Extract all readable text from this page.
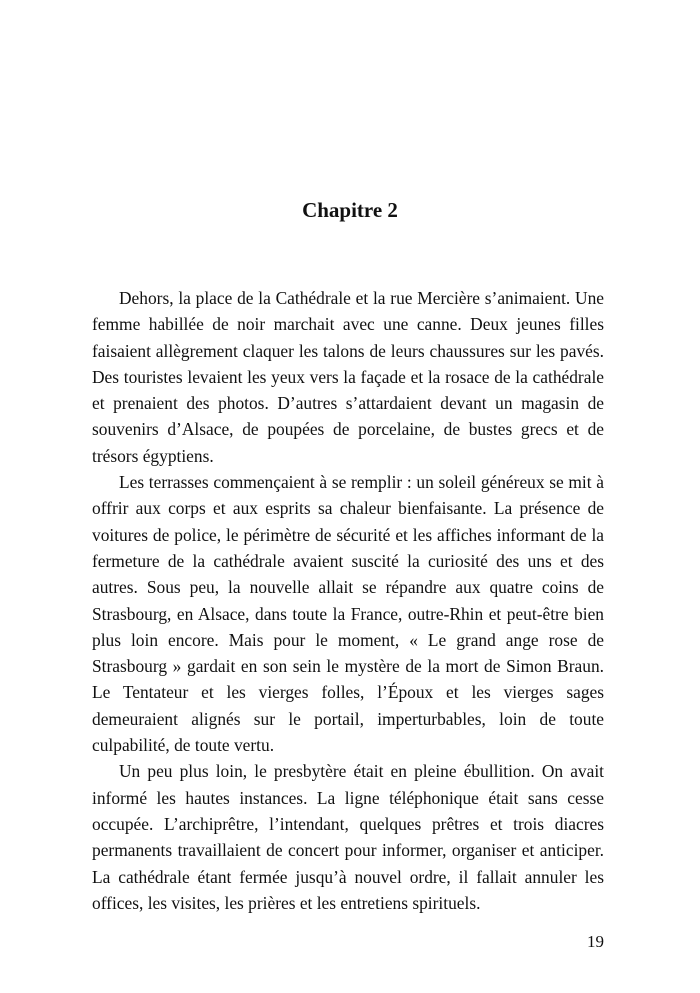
Chapitre 2

Dehors, la place de la Cathédrale et la rue Mercière s’animaient. Une femme habillée de noir marchait avec une canne. Deux jeunes filles faisaient allègrement claquer les talons de leurs chaussures sur les pavés. Des touristes levaient les yeux vers la façade et la rosace de la cathédrale et prenaient des photos. D’autres s’attardaient devant un magasin de souvenirs d’Alsace, de poupées de porcelaine, de bustes grecs et de trésors égyptiens.

Les terrasses commençaient à se remplir : un soleil généreux se mit à offrir aux corps et aux esprits sa chaleur bienfaisante. La présence de voitures de police, le périmètre de sécurité et les affiches informant de la fermeture de la cathédrale avaient suscité la curiosité des uns et des autres. Sous peu, la nouvelle allait se répandre aux quatre coins de Strasbourg, en Alsace, dans toute la France, outre-Rhin et peut-être bien plus loin encore. Mais pour le moment, « Le grand ange rose de Strasbourg » gardait en son sein le mystère de la mort de Simon Braun. Le Tentateur et les vierges folles, l’Époux et les vierges sages demeuraient alignés sur le portail, imperturbables, loin de toute culpabilité, de toute vertu.

Un peu plus loin, le presbytère était en pleine ébullition. On avait informé les hautes instances. La ligne téléphonique était sans cesse occupée. L’archiprêtre, l’intendant, quelques prêtres et trois diacres permanents travaillaient de concert pour informer, organiser et anticiper. La cathédrale étant fermée jusqu’à nouvel ordre, il fallait annuler les offices, les visites, les prières et les entretiens spirituels.

19
